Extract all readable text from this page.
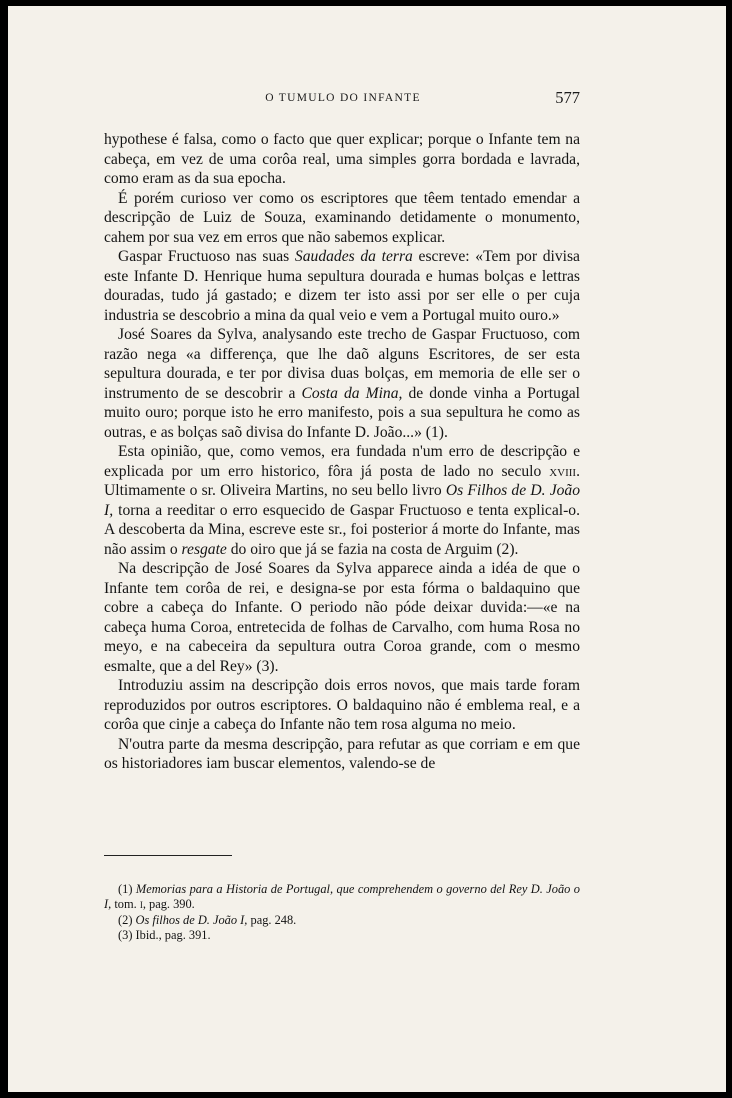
O TUMULO DO INFANTE	577

hypothese é falsa, como o facto que quer explicar; porque o Infante tem na cabeça, em vez de uma corôa real, uma simples gorra bordada e lavrada, como eram as da sua epocha.

É porém curioso ver como os escriptores que têem tentado emendar a descripção de Luiz de Souza, examinando detidamente o monumento, cahem por sua vez em erros que não sabemos explicar.

Gaspar Fructuoso nas suas Saudades da terra escreve: «Tem por divisa este Infante D. Henrique huma sepultura dourada e humas bolças e lettras douradas, tudo já gastado; e dizem ter isto assi por ser elle o per cuja industria se descobrio a mina da qual veio e vem a Portugal muito ouro.»

José Soares da Sylva, analysando este trecho de Gaspar Fructuoso, com razão nega «a differença, que lhe daõ alguns Escritores, de ser esta sepultura dourada, e ter por divisa duas bolças, em memoria de elle ser o instrumento de se descobrir a Costa da Mina, de donde vinha a Portugal muito ouro; porque isto he erro manifesto, pois a sua sepultura he como as outras, e as bolças saõ divisa do Infante D. João...» (1).

Esta opinião, que, como vemos, era fundada n'um erro de descripção e explicada por um erro historico, fôra já posta de lado no seculo xviii. Ultimamente o sr. Oliveira Martins, no seu bello livro Os Filhos de D. João I, torna a reeditar o erro esquecido de Gaspar Fructuoso e tenta explical-o. A descoberta da Mina, escreve este sr., foi posterior á morte do Infante, mas não assim o resgate do oiro que já se fazia na costa de Arguim (2).

Na descripção de José Soares da Sylva apparece ainda a idéa de que o Infante tem corôa de rei, e designa-se por esta fórma o baldaquino que cobre a cabeça do Infante. O periodo não póde deixar duvida:—«e na cabeça huma Coroa, entretecida de folhas de Carvalho, com huma Rosa no meyo, e na cabeceira da sepultura outra Coroa grande, com o mesmo esmalte, que a del Rey» (3).

Introduziu assim na descripção dois erros novos, que mais tarde foram reproduzidos por outros escriptores. O baldaquino não é emblema real, e a corôa que cinje a cabeça do Infante não tem rosa alguma no meio.

N'outra parte da mesma descripção, para refutar as que corriam e em que os historiadores iam buscar elementos, valendo-se de

(1) Memorias para a Historia de Portugal, que comprehendem o governo del Rey D. João o I, tom. i, pag. 390.

(2) Os filhos de D. João I, pag. 248.

(3) Ibid., pag. 391.
